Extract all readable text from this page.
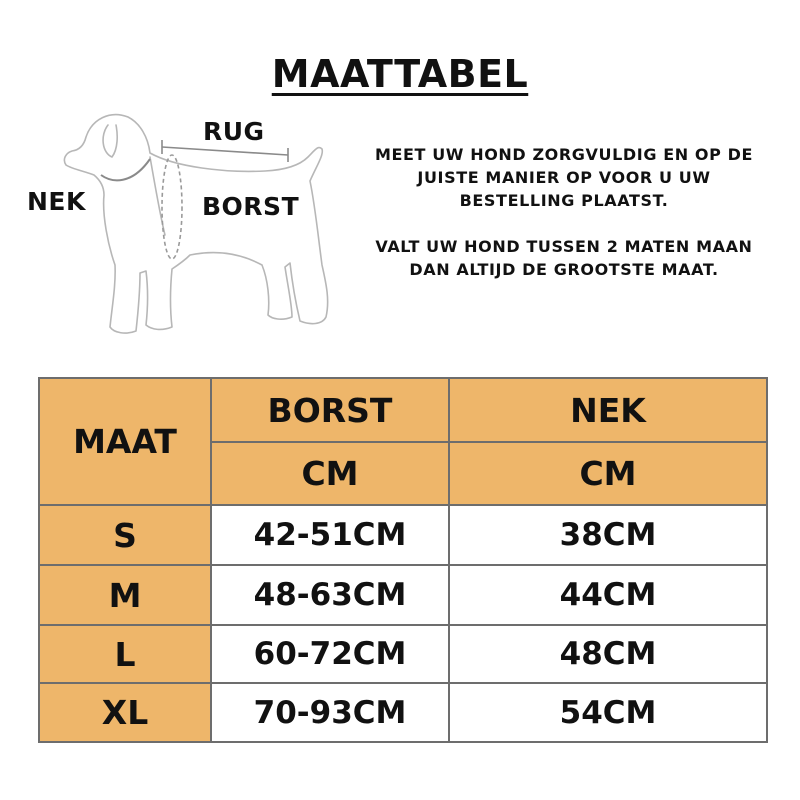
MAATTABEL
RUG
NEK	BORST

MEET UW HOND ZORGVULDIG EN OP DE JUISTE MANIER OP VOOR U UW BESTELLING PLAATST.

VALT UW HOND TUSSEN 2 MATEN MAAN DAN ALTIJD DE GROOTSTE MAAT.

MAAT	BORST	NEK
	CM	CM
S	42-51CM	38CM
M	48-63CM	44CM
L	60-72CM	48CM
XL	70-93CM	54CM
